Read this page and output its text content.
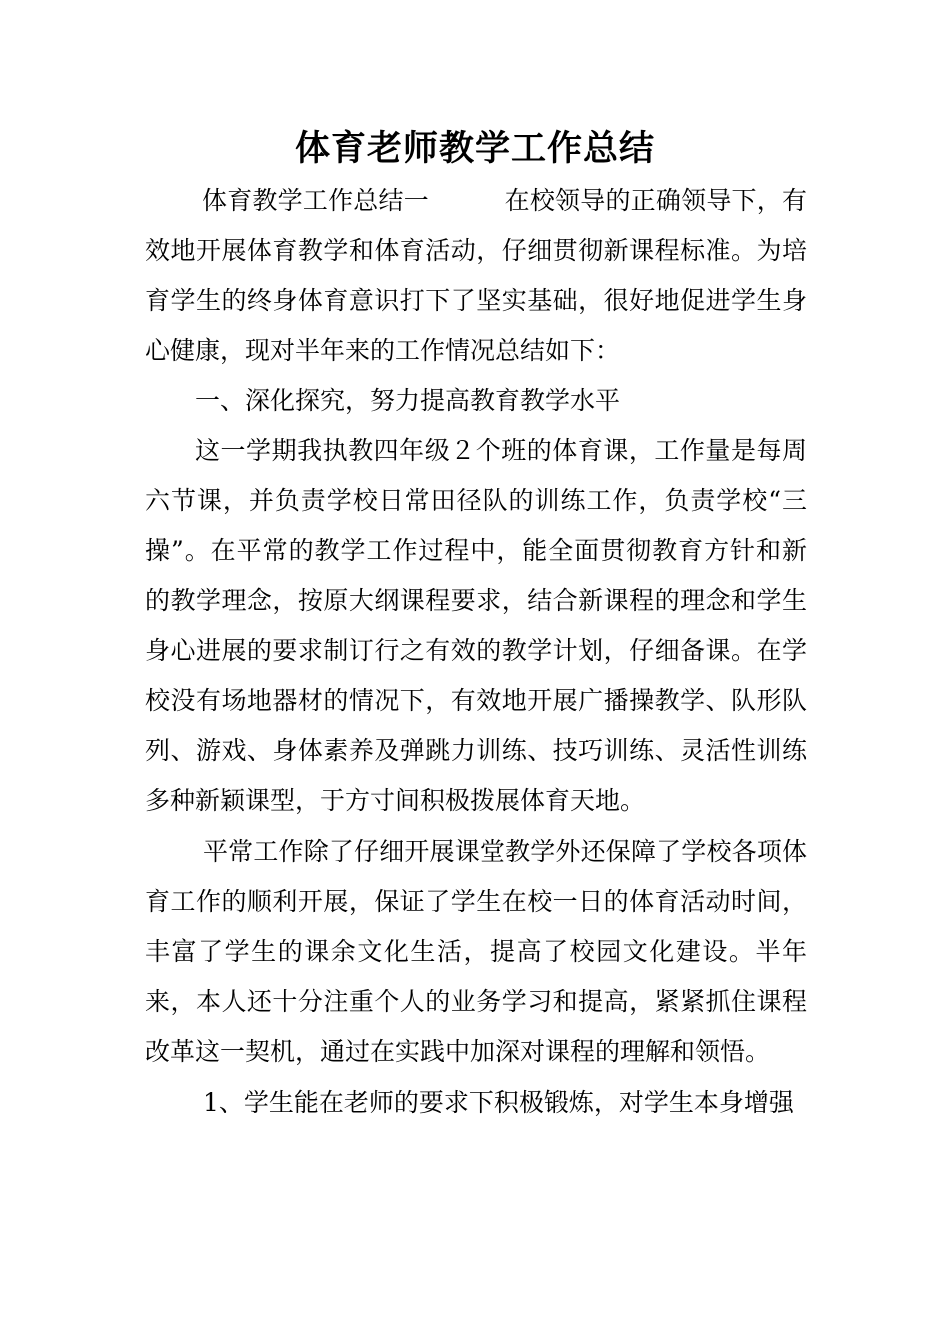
体育老师教学工作总结

体育教学工作总结一　　　在校领导的正确领导下，有效地开展体育教学和体育活动，仔细贯彻新课程标准。为培育学生的终身体育意识打下了坚实基础，很好地促进学生身心健康，现对半年来的工作情况总结如下：

一、深化探究，努力提高教育教学水平

这一学期我执教四年级２个班的体育课，工作量是每周六节课，并负责学校日常田径队的训练工作，负责学校“三操”。在平常的教学工作过程中，能全面贯彻教育方针和新的教学理念，按原大纲课程要求，结合新课程的理念和学生身心进展的要求制订行之有效的教学计划，仔细备课。在学校没有场地器材的情况下，有效地开展广播操教学、队形队列、游戏、身体素养及弹跳力训练、技巧训练、灵活性训练多种新颖课型，于方寸间积极拨展体育天地。

平常工作除了仔细开展课堂教学外还保障了学校各项体育工作的顺利开展，保证了学生在校一日的体育活动时间，丰富了学生的课余文化生活，提高了校园文化建设。半年来，本人还十分注重个人的业务学习和提高，紧紧抓住课程改革这一契机，通过在实践中加深对课程的理解和领悟。

1、学生能在老师的要求下积极锻炼，对学生本身增强
